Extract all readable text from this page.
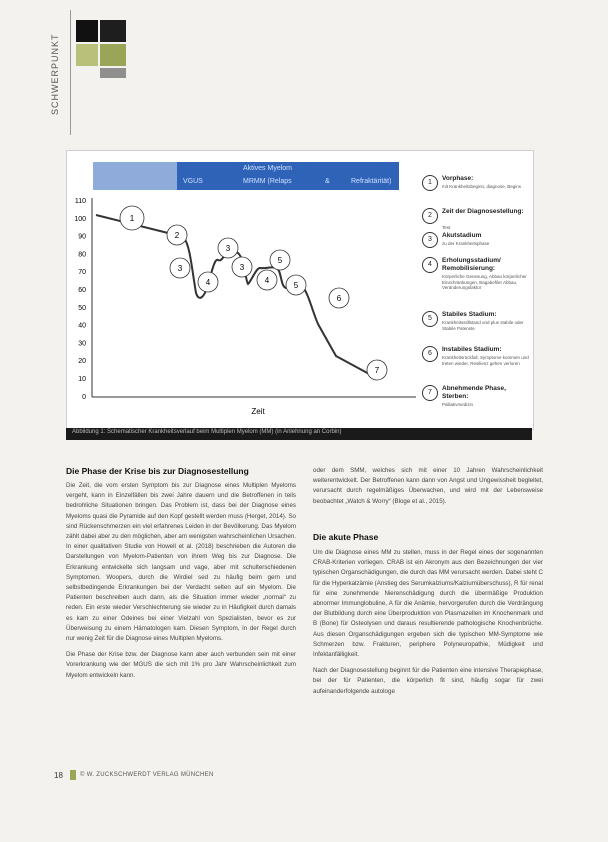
SCHWERPUNKT
Aktives Myelom
VGUS	MRMM (Relaps	&	Refraktärität)
110
100
90
80
70
60
50
40
30
20
10
0
1
2
3
3
3
4	4
5
5
6
7
Zeit
1
Vorphase:
mit Krankheitsbeginn, diagnose, Begins
2
Zeit der Diagnosestellung:
Test
3
Akutstadium
zu der Krankheitsphase
4
Erholungsstadium/ Remobilisierung:
Körperliche Genesung, Abbau körperlicher Einschränkungen, Bagabefiler Abbau, Veränderungsfaktor
5
Stabiles Stadium:
Krankheitsstillstand und plus stabile oder Stabile Patenste
6
Instabiles Stadium:
Krankheitsrückfall, Symptome kommen und treten wieder, Resilienz gehen verloren
7
Abnehmende Phase, Sterben:
Palliativmedizin
Abbildung 1: Schematischer Krankheitsverlauf beim Multiplen Myelom (MM) (in Anlehnung an Corbin)
Die Phase der Krise bis zur Diagnosestellung

Die Zeit, die vom ersten Symptom bis zur Diagnose eines Multiplen Myeloms vergeht, kann in Einzelfällen bis zwei Jahre dauern und die Betroffenen in teils bedrohliche Situationen bringen. Das Problem ist, dass bei der Diagnose eines Myeloms quasi die Pyramide auf den Kopf gestellt werden muss (Herget, 2014). So sind Rückenschmerzen ein viel erfahrenes Leiden in der Bevölkerung. Das Myelom zählt dabei aber zu den möglichen, aber am wenigsten wahrscheinlichen Ursachen. In einer qualitativen Studie von Howell et al. (2018) beschrieben die Autoren die Darstellungen von Myelom-Patienten von ihrem Weg bis zur Diagnose. Die Erkrankung entwickelte sich langsam und vage, aber mit schulterschiedenen Symptomen. Woopers, durch die Wirdiel sed zu häufig beim gern und selbstbedingende Erkrankungen bei der Verdacht selten auf ein Myelom. Die Patienten beschreiben auch dann, als die Situation immer wieder „normal“ zu reden. Ein erste wieder Verschlechterung sie wieder zu in Häufigkeit durch damals es kam zu einer Odeines bei einer Vielzahl von Spezialisten, bevor es zur Überweisung zu einem Hämatologen kam. Diesen Symptom, in der Regel durch nur wenig Zeit für die Diagnose eines Multiplen Myeloms.

Die Phase der Krise bzw. der Diagnose kann aber auch verbunden sein mit einer Vorerkrankung wie der MGUS die sich mit 1% pro Jahr Wahrscheinlichkeit zum Myelom entwickeln kann.

oder dem SMM, welches sich mit einer 10 Jahren Wahrscheinlichkeit weiterentwickelt. Der Betroffenen kann dann von Angst und Ungewissheit begleitet, verursacht durch regelmäßiges Überwachen, und wird mit der Lebensweise beobachtet „Watch & Worry“ (Bloge et al., 2015).

Die akute Phase

Um die Diagnose eines MM zu stellen, muss in der Regel eines der sogenannten CRAB-Kriterien vorliegen. CRAB ist ein Akronym aus den Bezeichnungen der vier typischen Organschädigungen, die durch das MM verursacht werden. Dabei steht C für die Hyperkalzämie (Anstieg des Serumkalziums/Kalziumüberschuss), R für renal für eine zunehmende Nierenschädigung durch die übermäßige Produktion abnormer Immunglobuline, A für die Anämie, hervorgerufen durch die Verdrängung der Blutbildung durch eine Überproduktion von Plasmazellen im Knochenmark und B (Bone) für Osteolysen und daraus resultierende pathologische Knochenbrüche. Aus diesen Organschädigungen ergeben sich die typischen MM-Symptome wie Schmerzen bzw. Frakturen, periphere Polyneuropathie, Müdigkeit und Infektanfälligkeit.

Nach der Diagnosestellung beginnt für die Patienten eine intensive Therapiephase, bei der für Patienten, die körperlich fit sind, häufig sogar für zwei aufeinanderfolgende autologe

18	© W. ZUCKSCHWERDT VERLAG MÜNCHEN
